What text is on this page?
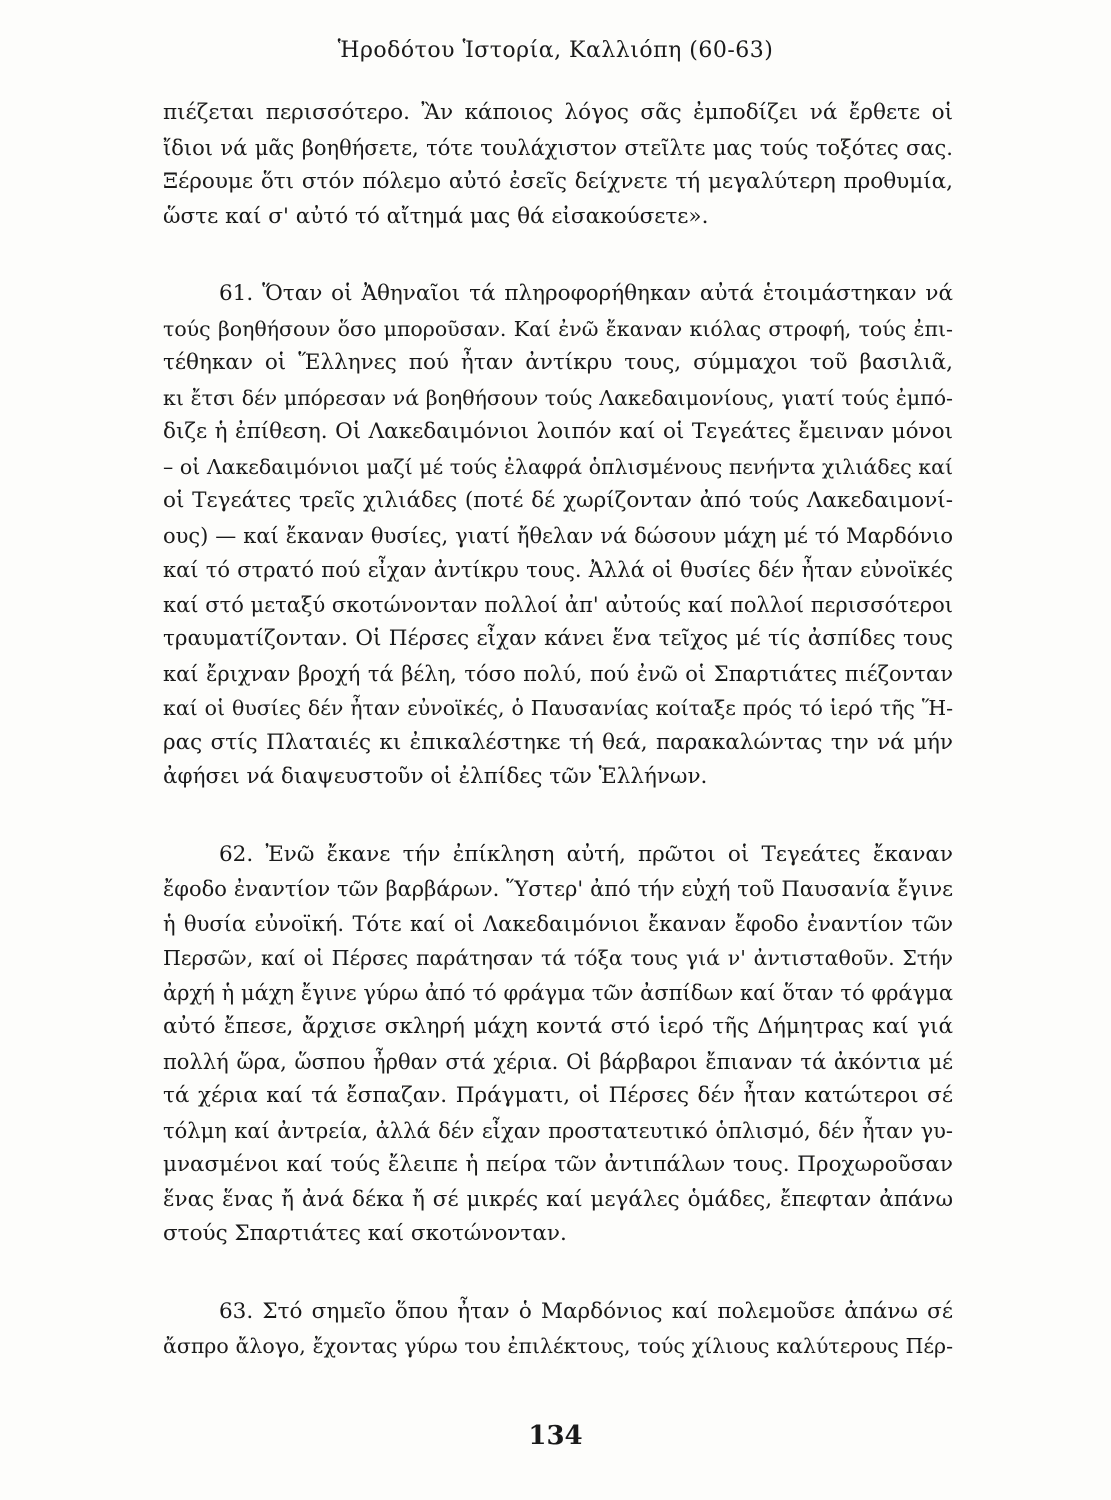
Ἡροδότου Ἱστορία, Καλλιόπη (60-63)
πιέζεται περισσότερο. Ἂν κάποιος λόγος σᾶς ἐμποδίζει νά ἔρθετε οἱ
ἴδιοι νά μᾶς βοηθήσετε, τότε τουλάχιστον στεῖλτε μας τούς τοξότες σας.
Ξέρουμε ὅτι στόν πόλεμο αὐτό ἐσεῖς δείχνετε τή μεγαλύτερη προθυμία,
ὥστε καί σ' αὐτό τό αἴτημά μας θά εἰσακούσετε».
61. Ὅταν οἱ Ἀθηναῖοι τά πληροφορήθηκαν αὐτά ἑτοιμάστηκαν νά
τούς βοηθήσουν ὅσο μποροῦσαν. Καί ἐνῶ ἔκαναν κιόλας στροφή, τούς ἐπι-
τέθηκαν οἱ Ἕλληνες πού ἦταν ἀντίκρυ τους, σύμμαχοι τοῦ βασιλιᾶ,
κι ἔτσι δέν μπόρεσαν νά βοηθήσουν τούς Λακεδαιμονίους, γιατί τούς ἐμπό-
διζε ἡ ἐπίθεση. Οἱ Λακεδαιμόνιοι λοιπόν καί οἱ Τεγεάτες ἔμειναν μόνοι
– οἱ Λακεδαιμόνιοι μαζί μέ τούς ἐλαφρά ὁπλισμένους πενήντα χιλιάδες καί
οἱ Τεγεάτες τρεῖς χιλιάδες (ποτέ δέ χωρίζονταν ἀπό τούς Λακεδαιμονί-
ους) — καί ἔκαναν θυσίες, γιατί ἤθελαν νά δώσουν μάχη μέ τό Μαρδόνιο
καί τό στρατό πού εἶχαν ἀντίκρυ τους. Ἀλλά οἱ θυσίες δέν ἦταν εὐνοϊκές
καί στό μεταξύ σκοτώνονταν πολλοί ἀπ' αὐτούς καί πολλοί περισσότεροι
τραυματίζονταν. Οἱ Πέρσες εἶχαν κάνει ἕνα τεῖχος μέ τίς ἀσπίδες τους
καί ἔριχναν βροχή τά βέλη, τόσο πολύ, πού ἐνῶ οἱ Σπαρτιάτες πιέζονταν
καί οἱ θυσίες δέν ἦταν εὐνοϊκές, ὁ Παυσανίας κοίταξε πρός τό ἱερό τῆς Ἥ-
ρας στίς Πλαταιές κι ἐπικαλέστηκε τή θεά, παρακαλώντας την νά μήν
ἀφήσει νά διαψευστοῦν οἱ ἐλπίδες τῶν Ἑλλήνων.
62. Ἐνῶ ἔκανε τήν ἐπίκληση αὐτή, πρῶτοι οἱ Τεγεάτες ἔκαναν
ἔφοδο ἐναντίον τῶν βαρβάρων. Ὕστερ' ἀπό τήν εὐχή τοῦ Παυσανία ἔγινε
ἡ θυσία εὐνοϊκή. Τότε καί οἱ Λακεδαιμόνιοι ἔκαναν ἔφοδο ἐναντίον τῶν
Περσῶν, καί οἱ Πέρσες παράτησαν τά τόξα τους γιά ν' ἀντισταθοῦν. Στήν
ἀρχή ἡ μάχη ἔγινε γύρω ἀπό τό φράγμα τῶν ἀσπίδων καί ὅταν τό φράγμα
αὐτό ἔπεσε, ἄρχισε σκληρή μάχη κοντά στό ἱερό τῆς Δήμητρας καί γιά
πολλή ὥρα, ὥσπου ἦρθαν στά χέρια. Οἱ βάρβαροι ἔπιαναν τά ἀκόντια μέ
τά χέρια καί τά ἔσπαζαν. Πράγματι, οἱ Πέρσες δέν ἦταν κατώτεροι σέ
τόλμη καί ἀντρεία, ἀλλά δέν εἶχαν προστατευτικό ὁπλισμό, δέν ἦταν γυ-
μνασμένοι καί τούς ἔλειπε ἡ πείρα τῶν ἀντιπάλων τους. Προχωροῦσαν
ἕνας ἕνας ἤ ἀνά δέκα ἤ σέ μικρές καί μεγάλες ὁμάδες, ἔπεφταν ἀπάνω
στούς Σπαρτιάτες καί σκοτώνονταν.
63. Στό σημεῖο ὅπου ἦταν ὁ Μαρδόνιος καί πολεμοῦσε ἀπάνω σέ
ἄσπρο ἄλογο, ἔχοντας γύρω του ἐπιλέκτους, τούς χίλιους καλύτερους Πέρ-
134
